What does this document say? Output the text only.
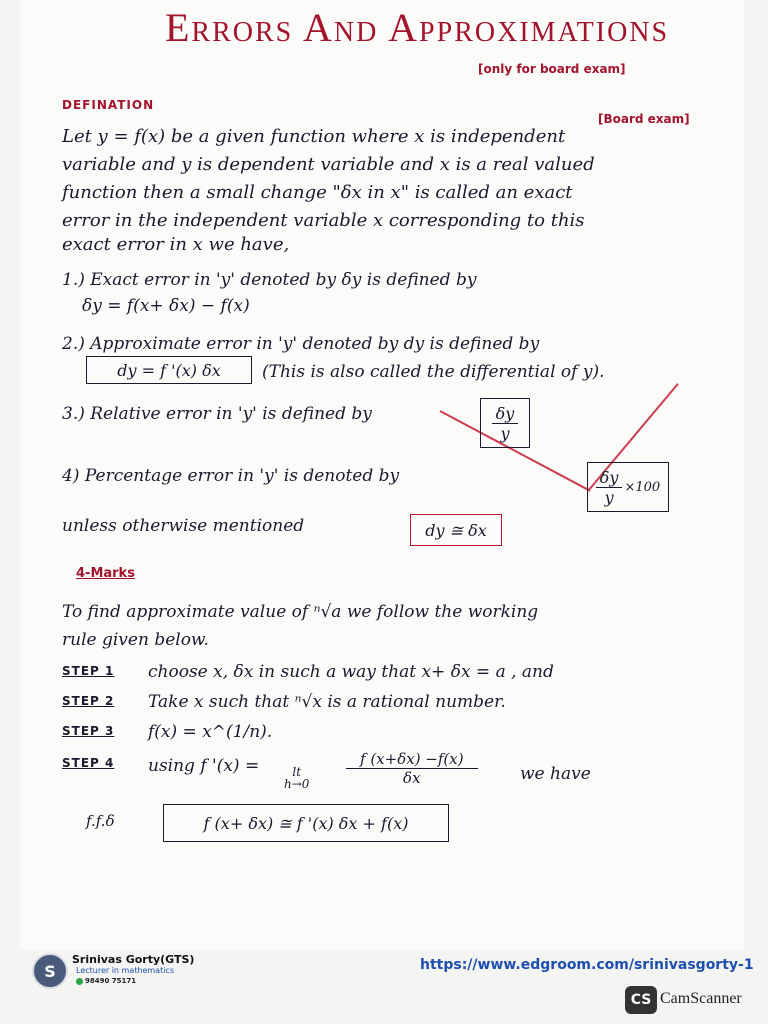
Errors And Approximations
[only for board exam]
DEFINATION
[Board exam]
Let y = f(x) be a given function where x is independent
variable and y is dependent variable and x is a real valued
function then a small change "δx in x" is called an exact
error in the independent variable x corresponding to this
exact error in x we have,
1.) Exact error in 'y' denoted by δy is defined by
δy = f(x+ δx) − f(x)
2.) Approximate error in 'y' denoted by dy is defined by
dy = f '(x) δx	(This is also called the differential of y).
3.) Relative error in 'y' is defined by	$\frac{\delta y}{y}$
4) Percentage error in 'y' is denoted by	$\frac{\delta y}{y} \times 100$
unless otherwise mentioned	dy ≅ δx
4-Marks
To find approximate value of ⁿ√a we follow the working
rule given below.
STEP 1 choose x, δx in such a way that x+ δx = a , and
STEP 2 Take x such that ⁿ√x is a rational number.
STEP 3 f(x) = x^(1/n).
STEP 4 using f '(x) =	lt
$h\to 0 \frac{f (x+\delta x) -f(x)}{\delta x}$ we have
f.f.δ	f (x+ δx) ≅ f '(x) δx + f(x)
S
Srinivas Gorty(GTS)
Lecturer in mathematics
98490 75171
https://www.edgroom.com/srinivasgorty-1
CS CamScanner
